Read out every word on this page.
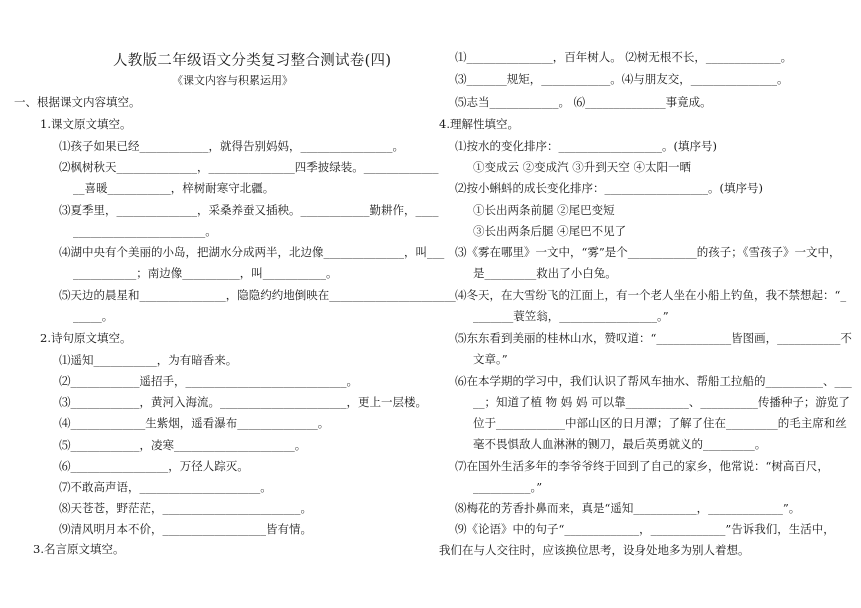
人教版二年级语文分类复习整合测试卷(四)
《课文内容与积累运用》
一、根据课文内容填空。
1.课文原文填空。
⑴孩子如果已经____________，就得告别妈妈，________________。
⑵枫树秋天______________，_______________四季披绿装。_____________
__喜暖___________，梓树耐寒守北疆。
⑶夏季里，______________，采桑养蚕又插秧。____________勤耕作，____
_______________________。
⑷湖中央有个美丽的小岛，把湖水分成两半，北边像______________，叫___
___________；南边像__________，叫___________。
⑸天边的晨星和_______________，隐隐约约地倒映在______________________
_____。
2.诗句原文填空。
⑴遥知___________，为有暗香来。
⑵____________遥招手，____________________________。
⑶____________，黄河入海流。______________________，更上一层楼。
⑷_____________生紫烟，遥看瀑布______________。
⑸____________，凌寒_____________________。
⑹_________________，万径人踪灭。
⑺不敢高声语，_____________________。
⑻天苍苍，野茫茫，________________________。
⑼清风明月本不价，__________________皆有情。
3.名言原文填空。
⑴_______________，百年树人。 ⑵树无根不长，_____________。
⑶_______规矩，____________。⑷与朋友交，_______________。
⑸志当____________。 ⑹______________事竟成。
4.理解性填空。
⑴按水的变化排序：__________________。(填序号)
①变成云 ②变成汽 ③升到天空 ④太阳一晒
⑵按小蝌蚪的成长变化排序：__________________。(填序号)
①长出两条前腿 ②尾巴变短
③长出两条后腿 ④尾巴不见了
⑶《雾在哪里》一文中，“雾”是个____________的孩子；《雪孩子》一文中，
是_________救出了小白兔。
⑷冬天，在大雪纷飞的江面上，有一个老人坐在小船上钓鱼，我不禁想起：“_
_______蓑笠翁，_________________。”
⑸东东看到美丽的桂林山水，赞叹道：“_____________皆图画，___________不
文章。”
⑹在本学期的学习中，我们认识了帮风车抽水、帮船工拉船的__________、___
__；知道了植 物 妈 妈 可以靠___________、__________传播种子；游览了
位于____________中部山区的日月潭；了解了住在_________的毛主席和丝
毫不畏惧敌人血淋淋的铡刀，最后英勇就义的_________。
⑺在国外生活多年的李爷爷终于回到了自己的家乡，他常说：“树高百尺，
__________。”
⑻梅花的芳香扑鼻而来，真是“遥知___________，_____________”。
⑼《论语》中的句子“_____________，_____________”告诉我们，生活中，
我们在与人交往时，应该换位思考，设身处地多为别人着想。
